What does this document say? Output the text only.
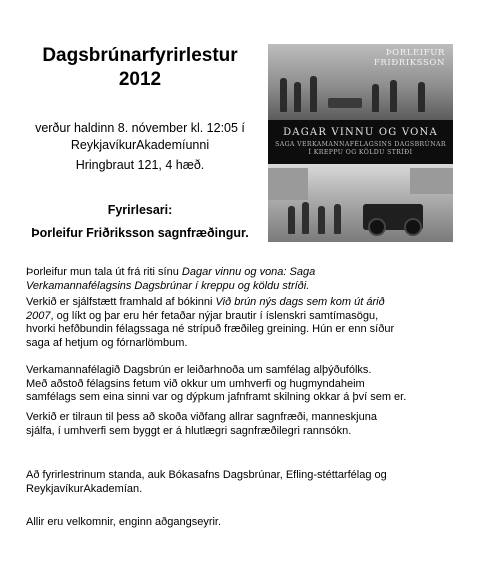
Dagsbrúnarfyrirlestur
2012
verður haldinn 8. nóvember kl. 12:05 í
ReykjavíkurAkademíunni
Hringbraut 121, 4 hæð.
Fyrirlesari:
Þorleifur Friðriksson sagnfræðingur.
ÞORLEIFUR
FRIÐRIKSSON
DAGAR VINNU OG VONA
SAGA VERKAMANNAFÉLAGSINS DAGSBRÚNAR
Í KREPPU OG KÖLDU STRÍÐI

Þorleifur mun tala út frá riti sínu Dagar vinnu og vona: Saga
Verkamannafélagsins Dagsbrúnar í kreppu og köldu stríði.

Verkið er sjálfstætt framhald af bókinni Við brún nýs dags sem kom út árið
2007, og líkt og þar eru hér fetaðar nýjar brautir í íslenskri samtímasögu,
hvorki hefðbundin félagssaga né strípuð fræðileg greining. Hún er enn síður
saga af hetjum og fórnarlömbum.

Verkamannafélagið Dagsbrún er leiðarhnoða um samfélag alþýðufólks.
Með aðstoð félagsins fetum við okkur um umhverfi og hugmyndaheim
samfélags sem eina sinni var og dýpkum jafnframt skilning okkar á því sem er.

Verkið er tilraun til þess að skoða viðfang allrar sagnfræði, manneskjuna
sjálfa, í umhverfi sem byggt er á hlutlægri sagnfræðilegri rannsókn.

Að fyrirlestrinum standa, auk Bókasafns Dagsbrúnar, Efling-stéttarfélag og
ReykjavíkurAkademían.

Allir eru velkomnir, enginn aðgangseyrir.
